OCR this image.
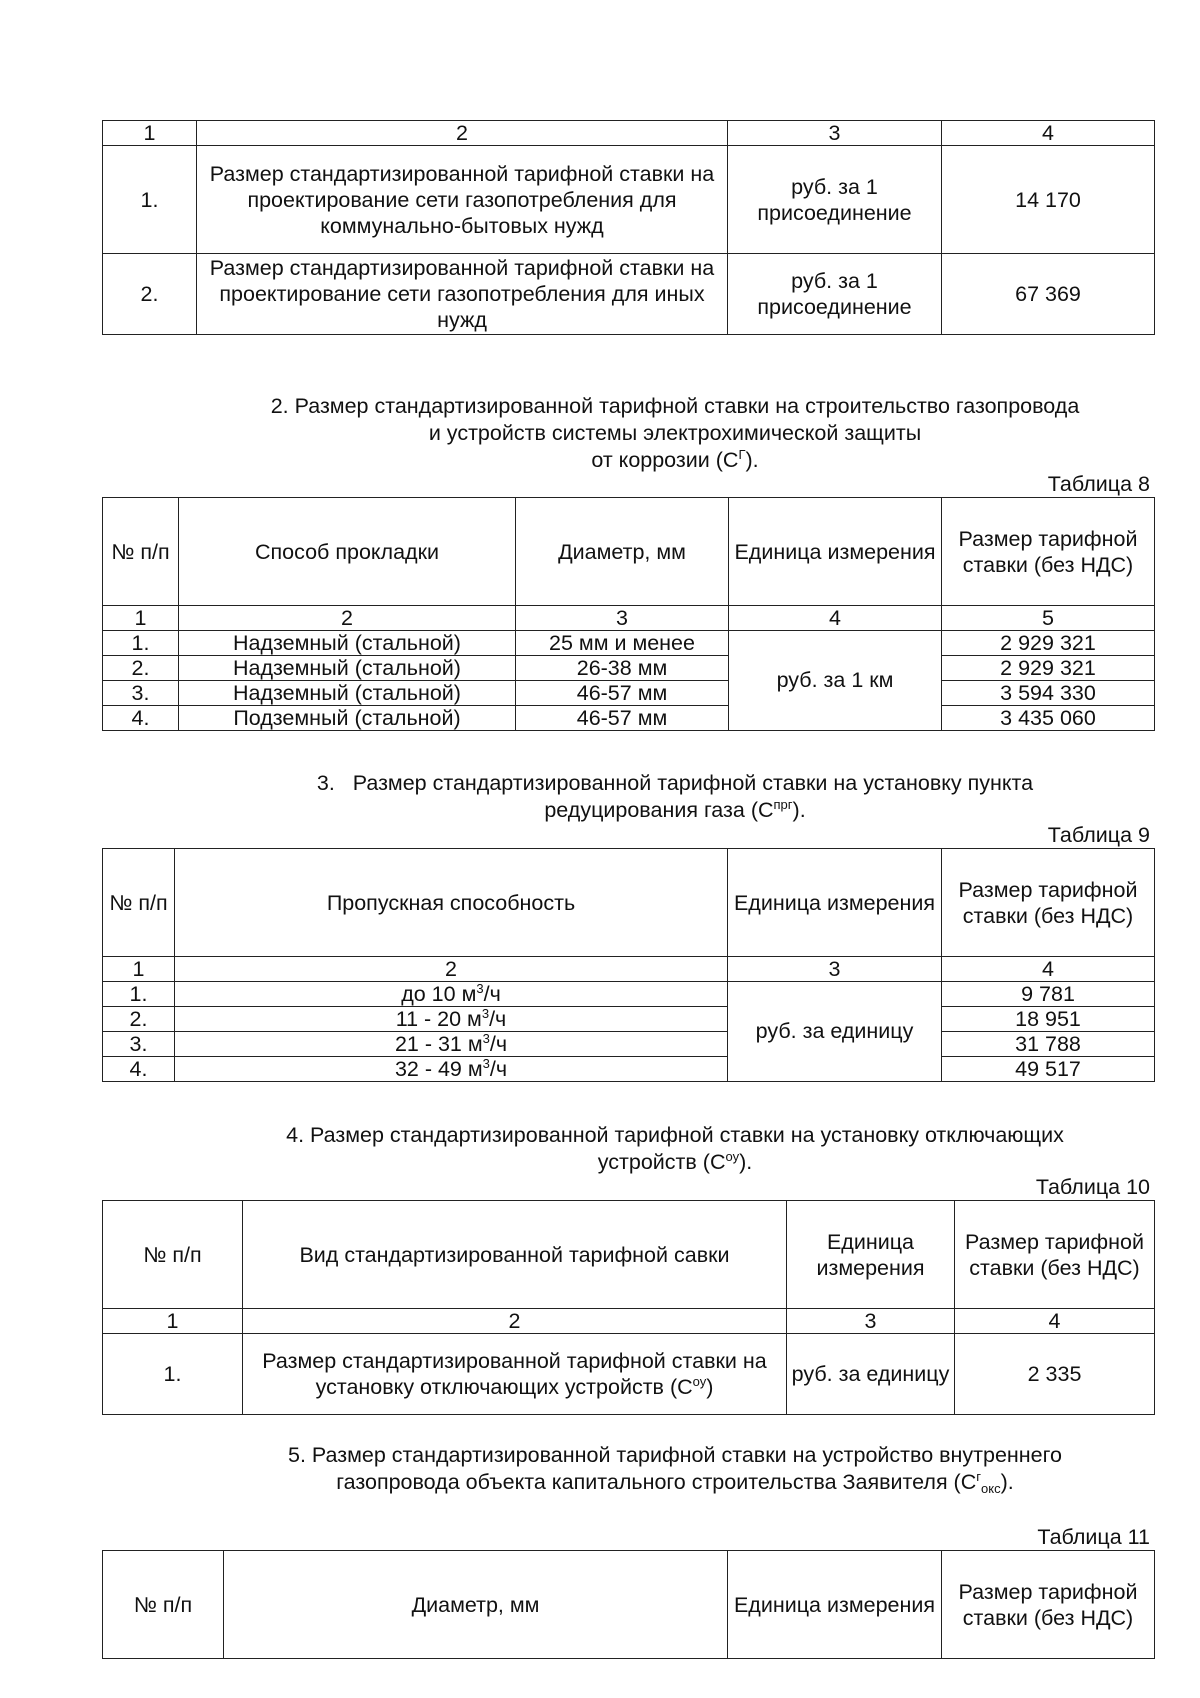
1	2	3	4
1.	Размер стандартизированной тарифной ставки на проектирование сети газопотребления для коммунально-бытовых нужд	руб. за 1 присоединение	14 170
2.	Размер стандартизированной тарифной ставки на проектирование сети газопотребления для иных нужд	руб. за 1 присоединение	67 369
2. Размер стандартизированной тарифной ставки на строительство газопровода
и устройств системы электрохимической защиты
от коррозии $(С^Г)$.
Таблица 8
№ п/п	Способ прокладки	Диаметр, мм	Единица измерения	Размер тарифной ставки (без НДС)
1	2	3	4	5
1.	Надземный (стальной)	25 мм и менее	руб. за 1 км	2 929 321
2.	Надземный (стальной)	26-38 мм		2 929 321
3.	Надземный (стальной)	46-57 мм		3 594 330
4.	Подземный (стальной)	46-57 мм		3 435 060
3.   Размер стандартизированной тарифной ставки на установку пункта
редуцирования газа $(С^{прг})$.
Таблица 9
№ п/п	Пропускная способность	Единица измерения	Размер тарифной ставки (без НДС)
1	2	3	4
1.	до 10 $м^3/ч$	руб. за единицу	9 781
2.	11 - 20 $м^3/ч$		18 951
3.	21 - 31 $м^3/ч$		31 788
4.	32 - 49 $м^3/ч$		49 517
4. Размер стандартизированной тарифной ставки на установку отключающих
устройств $(С^{оу})$.
Таблица 10
№ п/п	Вид стандартизированной тарифной савки	Единица измерения	Размер тарифной ставки (без НДС)
1	2	3	4
1.	Размер стандартизированной тарифной ставки на установку отключающих устройств $(С^{оу})$	руб. за единицу	2 335
5. Размер стандартизированной тарифной ставки на устройство внутреннего
газопровода объекта капитального строительства Заявителя $(С^г_{окс})$.
Таблица 11
№ п/п	Диаметр, мм	Единица измерения	Размер тарифной ставки (без НДС)
